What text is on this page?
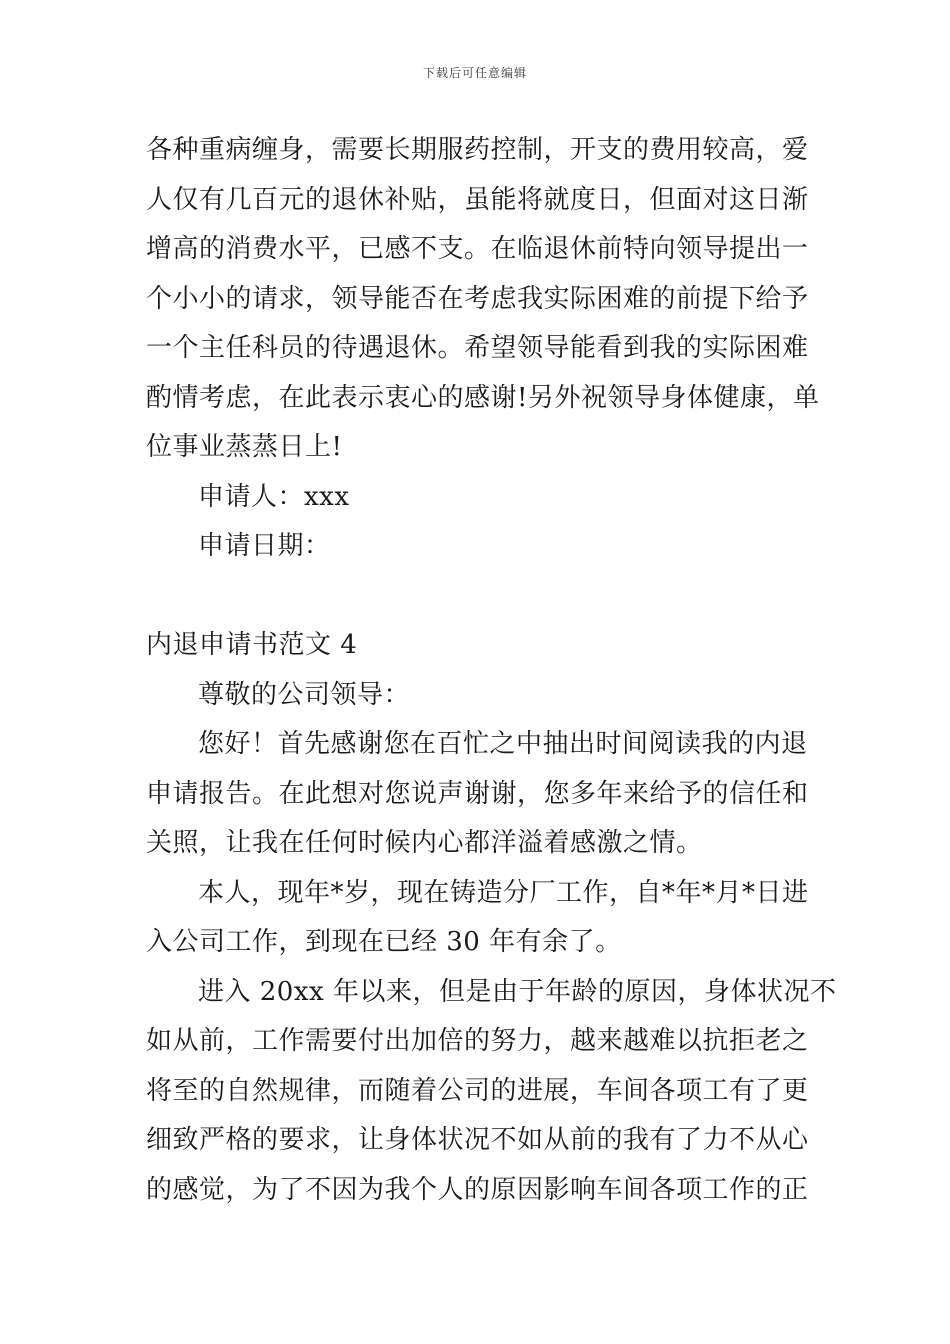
下载后可任意编辑
各种重病缠身，需要长期服药控制，开支的费用较高，爱
人仅有几百元的退休补贴，虽能将就度日，但面对这日渐
增高的消费水平，已感不支。在临退休前特向领导提出一
个小小的请求，领导能否在考虑我实际困难的前提下给予
一个主任科员的待遇退休。希望领导能看到我的实际困难
酌情考虑，在此表示衷心的感谢!另外祝领导身体健康，单
位事业蒸蒸日上!
申请人：xxx
申请日期：
内退申请书范文 4
尊敬的公司领导：
您好！首先感谢您在百忙之中抽出时间阅读我的内退
申请报告。在此想对您说声谢谢，您多年来给予的信任和
关照，让我在任何时候内心都洋溢着感激之情。
本人，现年*岁，现在铸造分厂工作，自*年*月*日进
入公司工作，到现在已经 30 年有余了。
进入 20xx 年以来，但是由于年龄的原因，身体状况不
如从前，工作需要付出加倍的努力，越来越难以抗拒老之
将至的自然规律，而随着公司的进展，车间各项工有了更
细致严格的要求，让身体状况不如从前的我有了力不从心
的感觉，为了不因为我个人的原因影响车间各项工作的正
